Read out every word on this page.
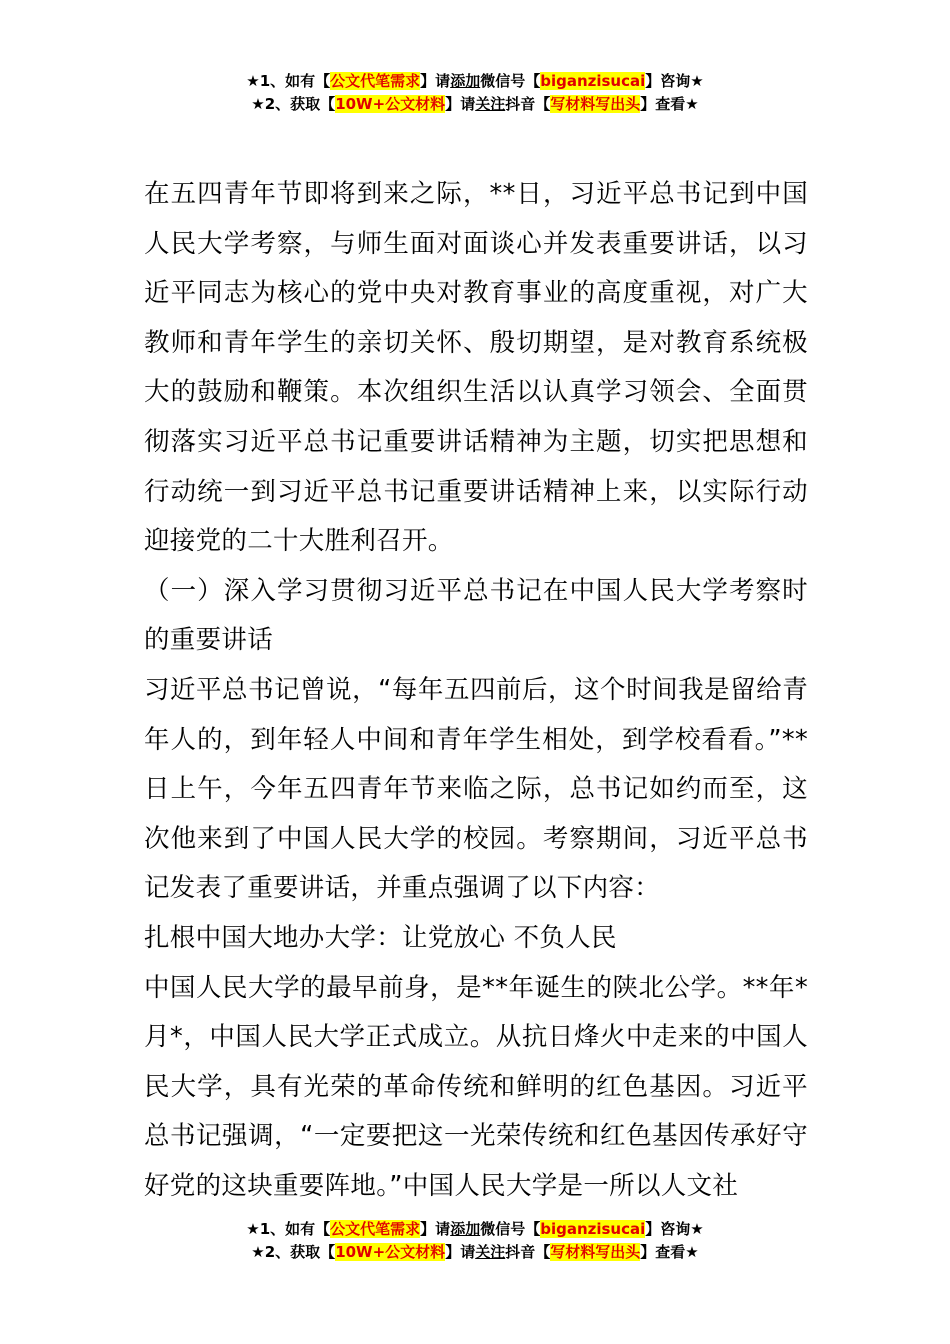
★1、如有【公文代笔需求】请添加微信号【biganzisucai】咨询★
★2、获取【10W+公文材料】请关注抖音【写材料写出头】查看★

在五四青年节即将到来之际，**日，习近平总书记到中国人民大学考察，与师生面对面谈心并发表重要讲话，以习近平同志为核心的党中央对教育事业的高度重视，对广大教师和青年学生的亲切关怀、殷切期望，是对教育系统极大的鼓励和鞭策。本次组织生活以认真学习领会、全面贯彻落实习近平总书记重要讲话精神为主题，切实把思想和行动统一到习近平总书记重要讲话精神上来，以实际行动迎接党的二十大胜利召开。

（一）深入学习贯彻习近平总书记在中国人民大学考察时的重要讲话

习近平总书记曾说，“每年五四前后，这个时间我是留给青年人的，到年轻人中间和青年学生相处，到学校看看。”**日上午，今年五四青年节来临之际，总书记如约而至，这次他来到了中国人民大学的校园。考察期间，习近平总书记发表了重要讲话，并重点强调了以下内容：

扎根中国大地办大学：让党放心 不负人民

中国人民大学的最早前身，是**年诞生的陕北公学。**年*月*，中国人民大学正式成立。从抗日烽火中走来的中国人民大学，具有光荣的革命传统和鲜明的红色基因。习近平总书记强调，“一定要把这一光荣传统和红色基因传承好守好党的这块重要阵地。”中国人民大学是一所以人文社

★1、如有【公文代笔需求】请添加微信号【biganzisucai】咨询★
★2、获取【10W+公文材料】请关注抖音【写材料写出头】查看★
